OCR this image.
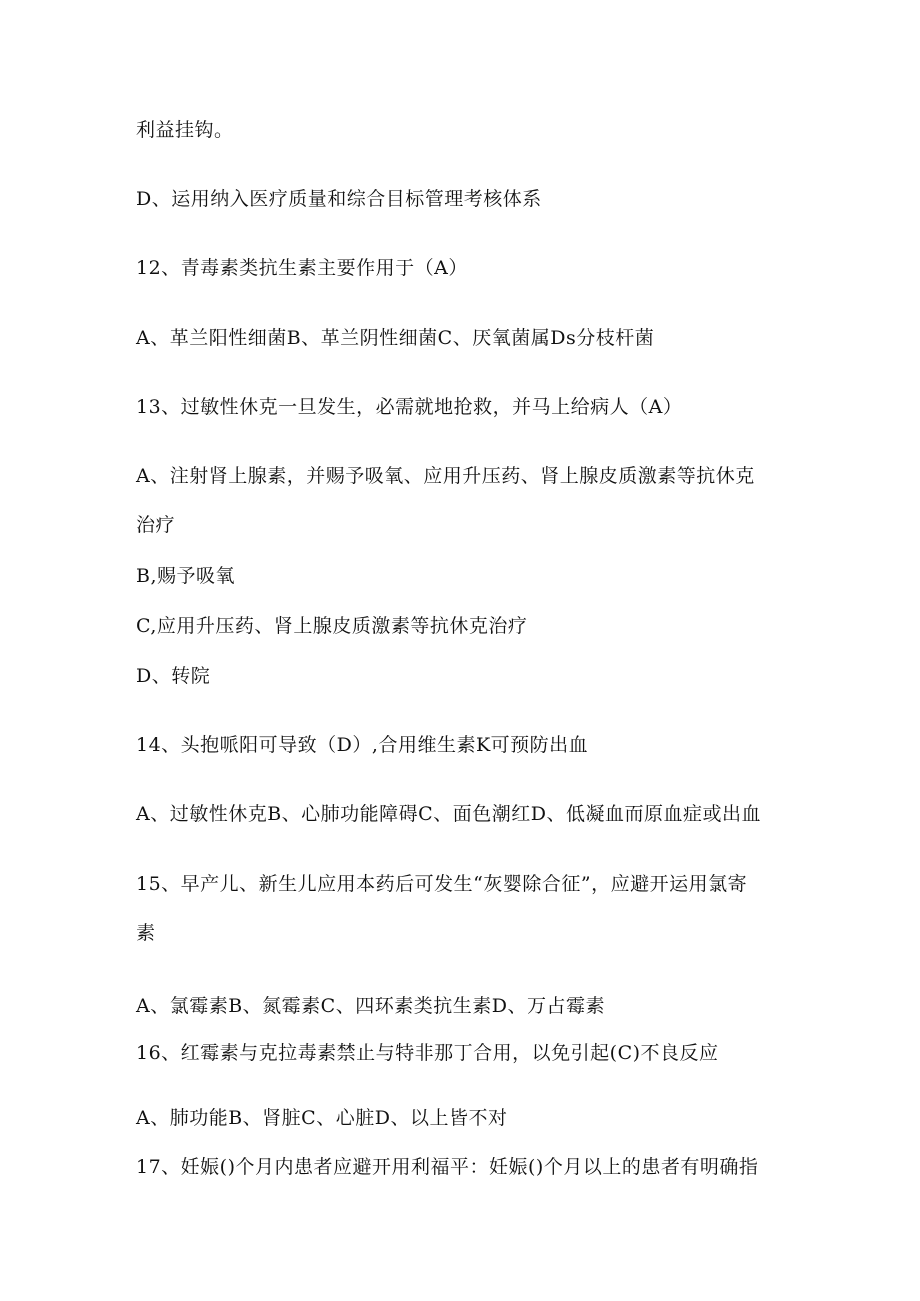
利益挂钩。
D、运用纳入医疗质量和综合目标管理考核体系
12、青毒素类抗生素主要作用于（A）
A、革兰阳性细菌B、革兰阴性细菌C、厌氧菌属Ds分枝杆菌
13、过敏性休克一旦发生，必需就地抢救，并马上给病人（A）
A、注射肾上腺素，并赐予吸氧、应用升压药、肾上腺皮质激素等抗休克
治疗
B,赐予吸氧
C,应用升压药、肾上腺皮质激素等抗休克治疗
D、转院
14、头抱哌阳可导致（D）,合用维生素K可预防出血
A、过敏性休克B、心肺功能障碍C、面色潮红D、低凝血而原血症或出血
15、早产儿、新生儿应用本药后可发生“灰婴除合征”，应避开运用氯寄
素
A、氯霉素B、氮霉素C、四环素类抗生素D、万占霉素
16、红霉素与克拉毒素禁止与特非那丁合用，以免引起(C)不良反应
A、肺功能B、肾脏C、心脏D、以上皆不对
17、妊娠()个月内患者应避开用利福平：妊娠()个月以上的患者有明确指
